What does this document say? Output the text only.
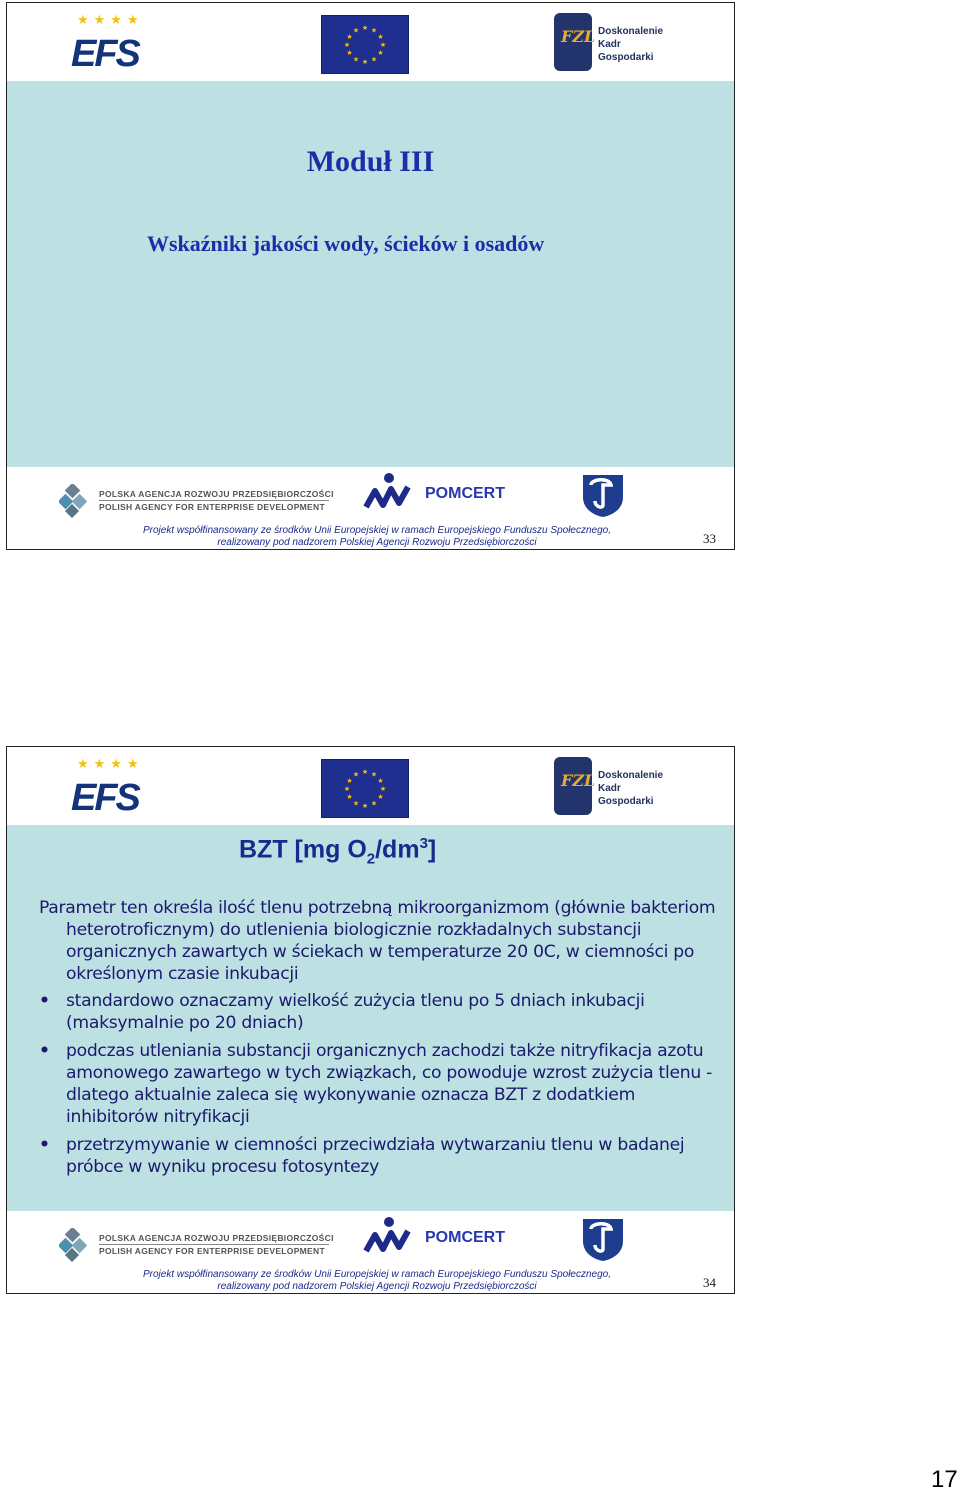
★★★★
EFS
★ ★
★
★
★
★
★
★
★
★
★
★	FZL Doskonalenie
Kadr
Gospodarki
Moduł III
Wskaźniki jakości wody, ścieków i osadów
POLSKA AGENCJA ROZWOJU PRZEDSIĘBIORCZOŚCI
POLISH AGENCY FOR ENTERPRISE DEVELOPMENT
POMCERT
Projekt współfinansowany ze środków Unii Europejskiej w ramach Europejskiego Funduszu Społecznego,
realizowany pod nadzorem Polskiej Agencji Rozwoju Przedsiębiorczości	33
★★★★
EFS
★ ★
★
★
★
★
★
★
★
★
★
★	FZL Doskonalenie
Kadr
Gospodarki
BZT [mg $O_2/dm^3$]

Parametr ten określa ilość tlenu potrzebną mikroorganizmom (głównie bakteriom heterotroficznym) do utlenienia biologicznie rozkładalnych substancji organicznych zawartych w ściekach w temperaturze 20 0C, w ciemności po określonym czasie inkubacji

• standardowo oznaczamy wielkość zużycia tlenu po 5 dniach inkubacji (maksymalnie po 20 dniach)
• podczas utleniania substancji organicznych zachodzi także nitryfikacja azotu amonowego zawartego w tych związkach, co powoduje wzrost zużycia tlenu - dlatego aktualnie zaleca się wykonywanie oznacza BZT z dodatkiem inhibitorów nitryfikacji
• przetrzymywanie w ciemności przeciwdziała wytwarzaniu tlenu w badanej próbce w wyniku procesu fotosyntezy
POLSKA AGENCJA ROZWOJU PRZEDSIĘBIORCZOŚCI
POLISH AGENCY FOR ENTERPRISE DEVELOPMENT
POMCERT
Projekt współfinansowany ze środków Unii Europejskiej w ramach Europejskiego Funduszu Społecznego,
realizowany pod nadzorem Polskiej Agencji Rozwoju Przedsiębiorczości	34
17
